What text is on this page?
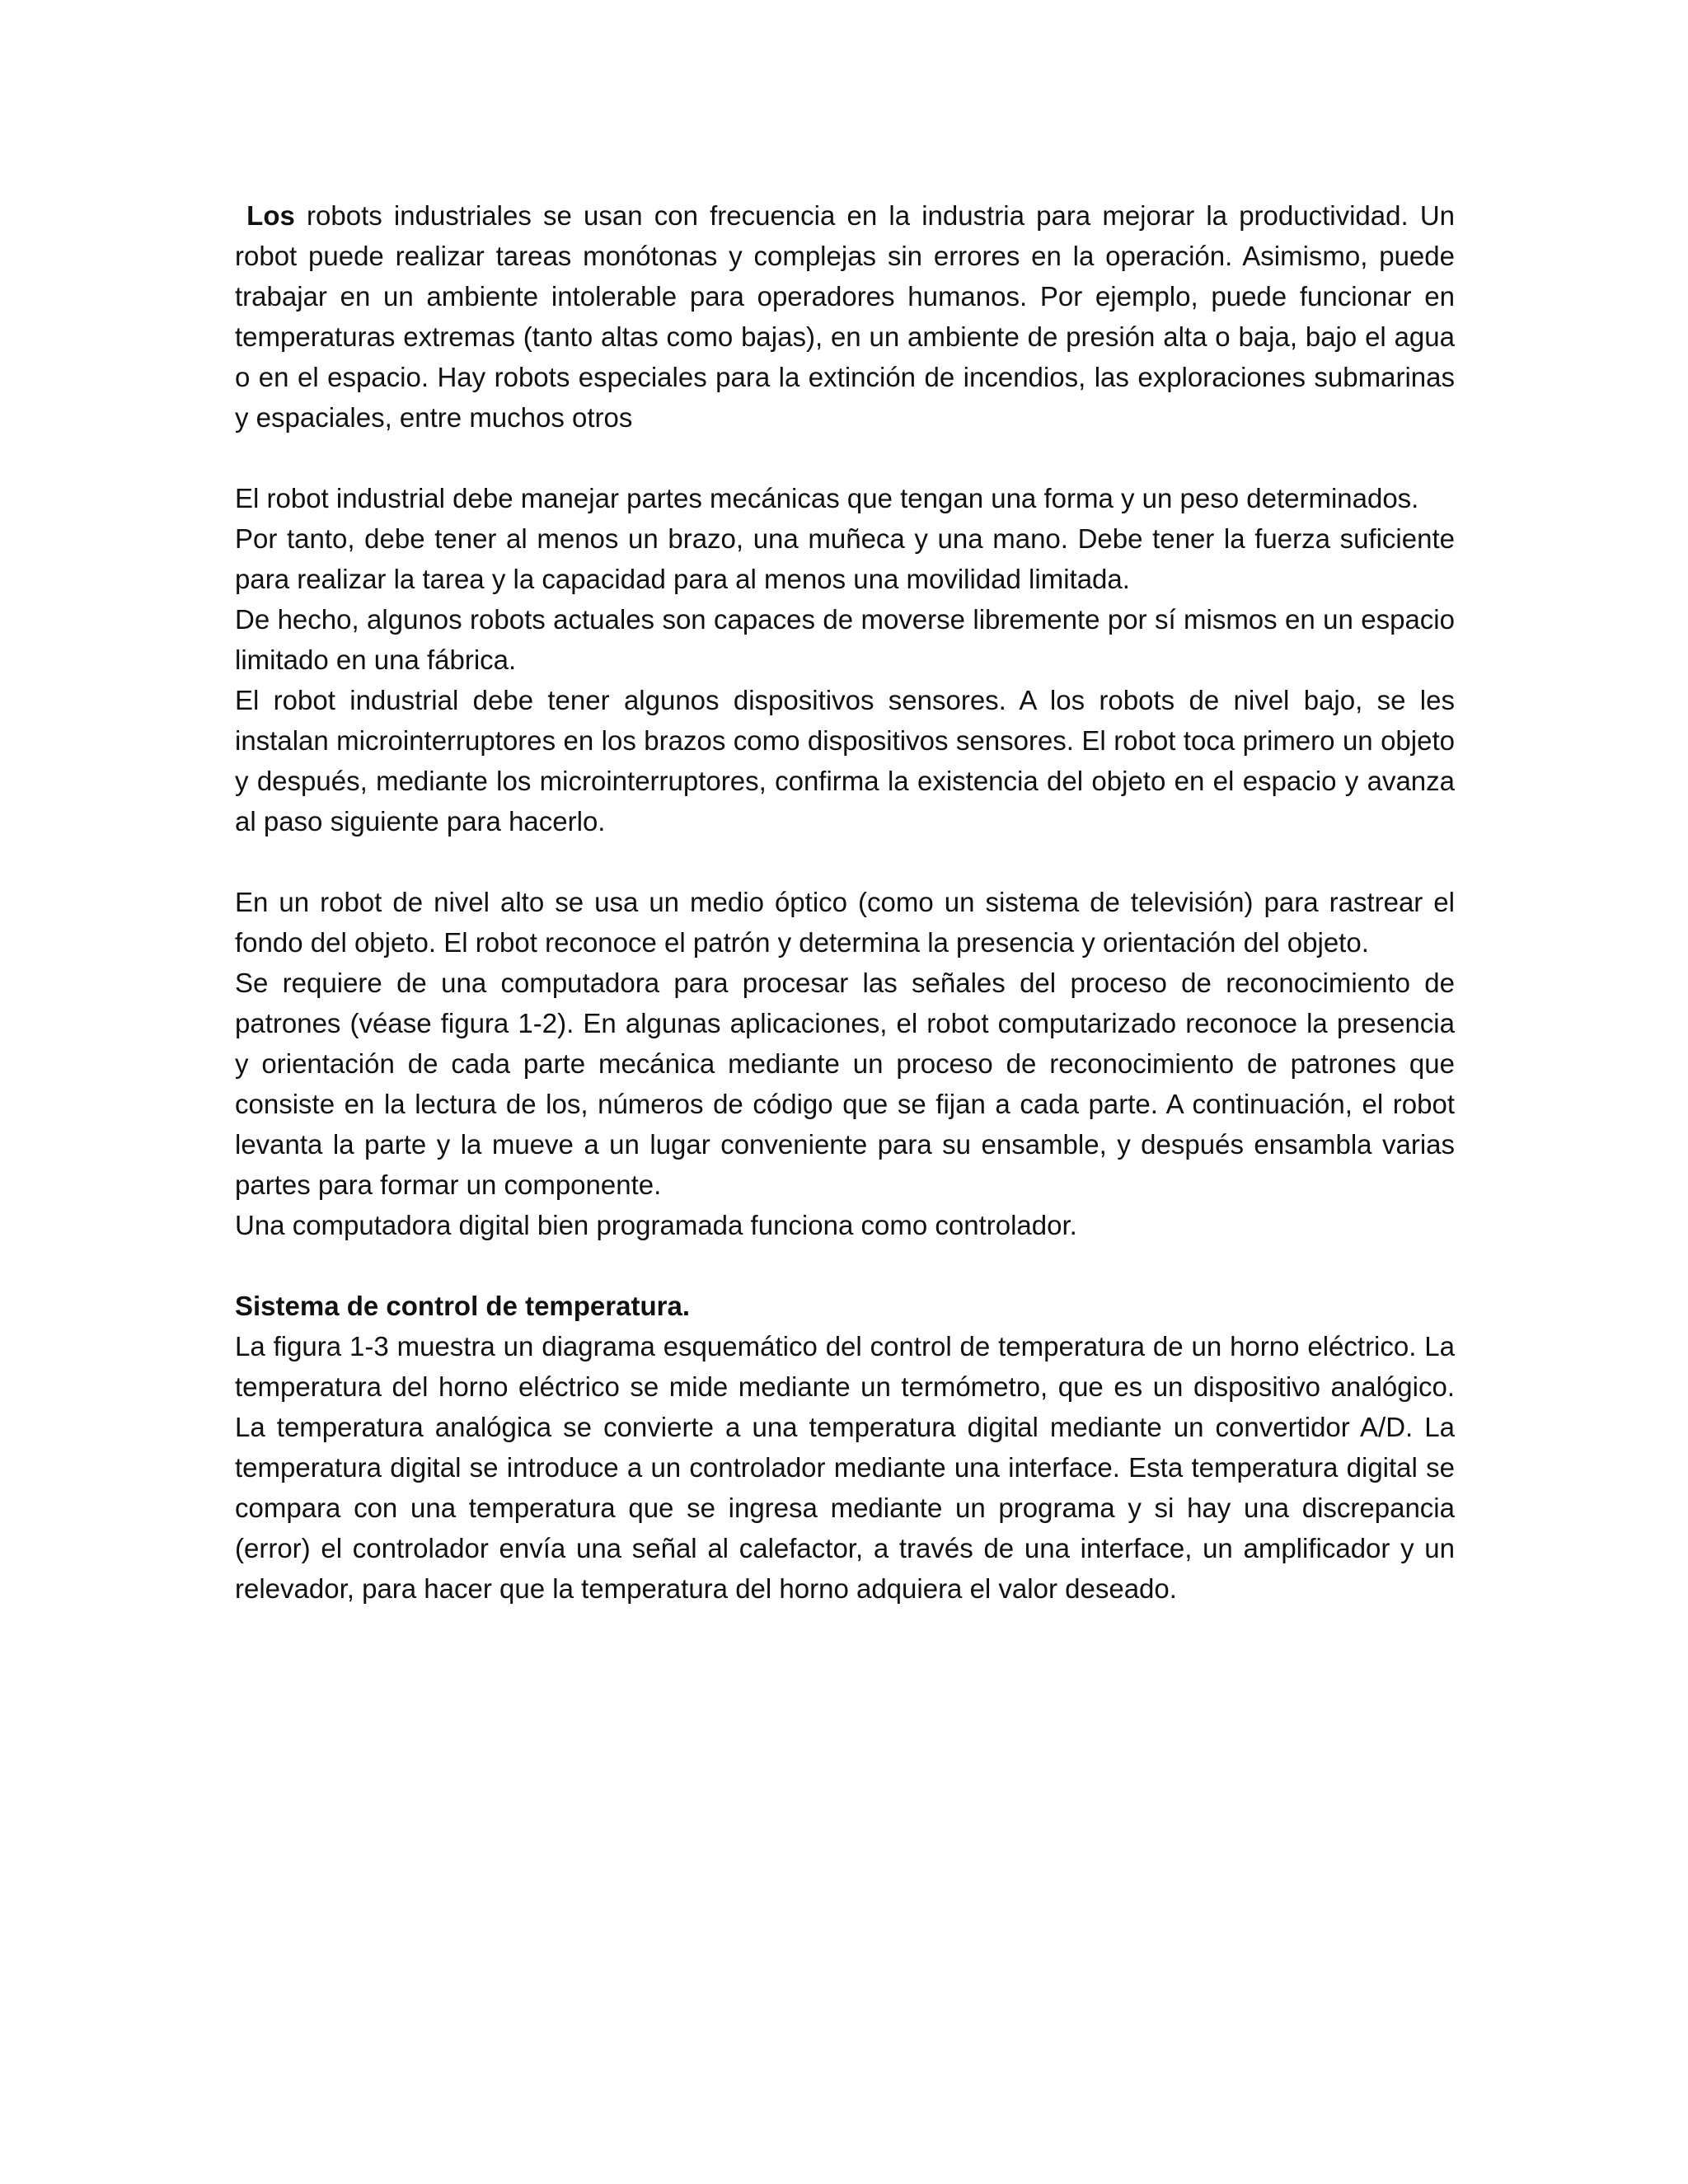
Los robots industriales se usan con frecuencia en la industria para mejorar la productividad. Un robot puede realizar tareas monótonas y complejas sin errores en la operación. Asimismo, puede trabajar en un ambiente intolerable para operadores humanos. Por ejemplo, puede funcionar en temperaturas extremas (tanto altas como bajas), en un ambiente de presión alta o baja, bajo el agua o en el espacio. Hay robots especiales para la extinción de incendios, las exploraciones submarinas y espaciales, entre muchos otros

El robot industrial debe manejar partes mecánicas que tengan una forma y un peso determinados.

Por tanto, debe tener al menos un brazo, una muñeca y una mano. Debe tener la fuerza suficiente para realizar la tarea y la capacidad para al menos una movilidad limitada.

De hecho, algunos robots actuales son capaces de moverse libremente por sí mismos en un espacio limitado en una fábrica.

El robot industrial debe tener algunos dispositivos sensores. A los robots de nivel bajo, se les instalan microinterruptores en los brazos como dispositivos sensores. El robot toca primero un objeto y después, mediante los microinterruptores, confirma la existencia del objeto en el espacio y avanza al paso siguiente para hacerlo.

En un robot de nivel alto se usa un medio óptico (como un sistema de televisión) para rastrear el fondo del objeto. El robot reconoce el patrón y determina la presencia y orientación del objeto.

Se requiere de una computadora para procesar las señales del proceso de reconocimiento de patrones (véase figura 1-2). En algunas aplicaciones, el robot computarizado reconoce la presencia y orientación de cada parte mecánica mediante un proceso de reconocimiento de patrones que consiste en la lectura de los, números de código que se fijan a cada parte. A continuación, el robot levanta la parte y la mueve a un lugar conveniente para su ensamble, y después ensambla varias partes para formar un componente.

Una computadora digital bien programada funciona como controlador.

Sistema de control de temperatura.

La figura 1-3 muestra un diagrama esquemático del control de temperatura de un horno eléctrico. La temperatura del horno eléctrico se mide mediante un termómetro, que es un dispositivo analógico. La temperatura analógica se convierte a una temperatura digital mediante un convertidor A/D. La temperatura digital se introduce a un controlador mediante una interface. Esta temperatura digital se compara con una temperatura que se ingresa mediante un programa y si hay una discrepancia (error) el controlador envía una señal al calefactor, a través de una interface, un amplificador y un relevador, para hacer que la temperatura del horno adquiera el valor deseado.
